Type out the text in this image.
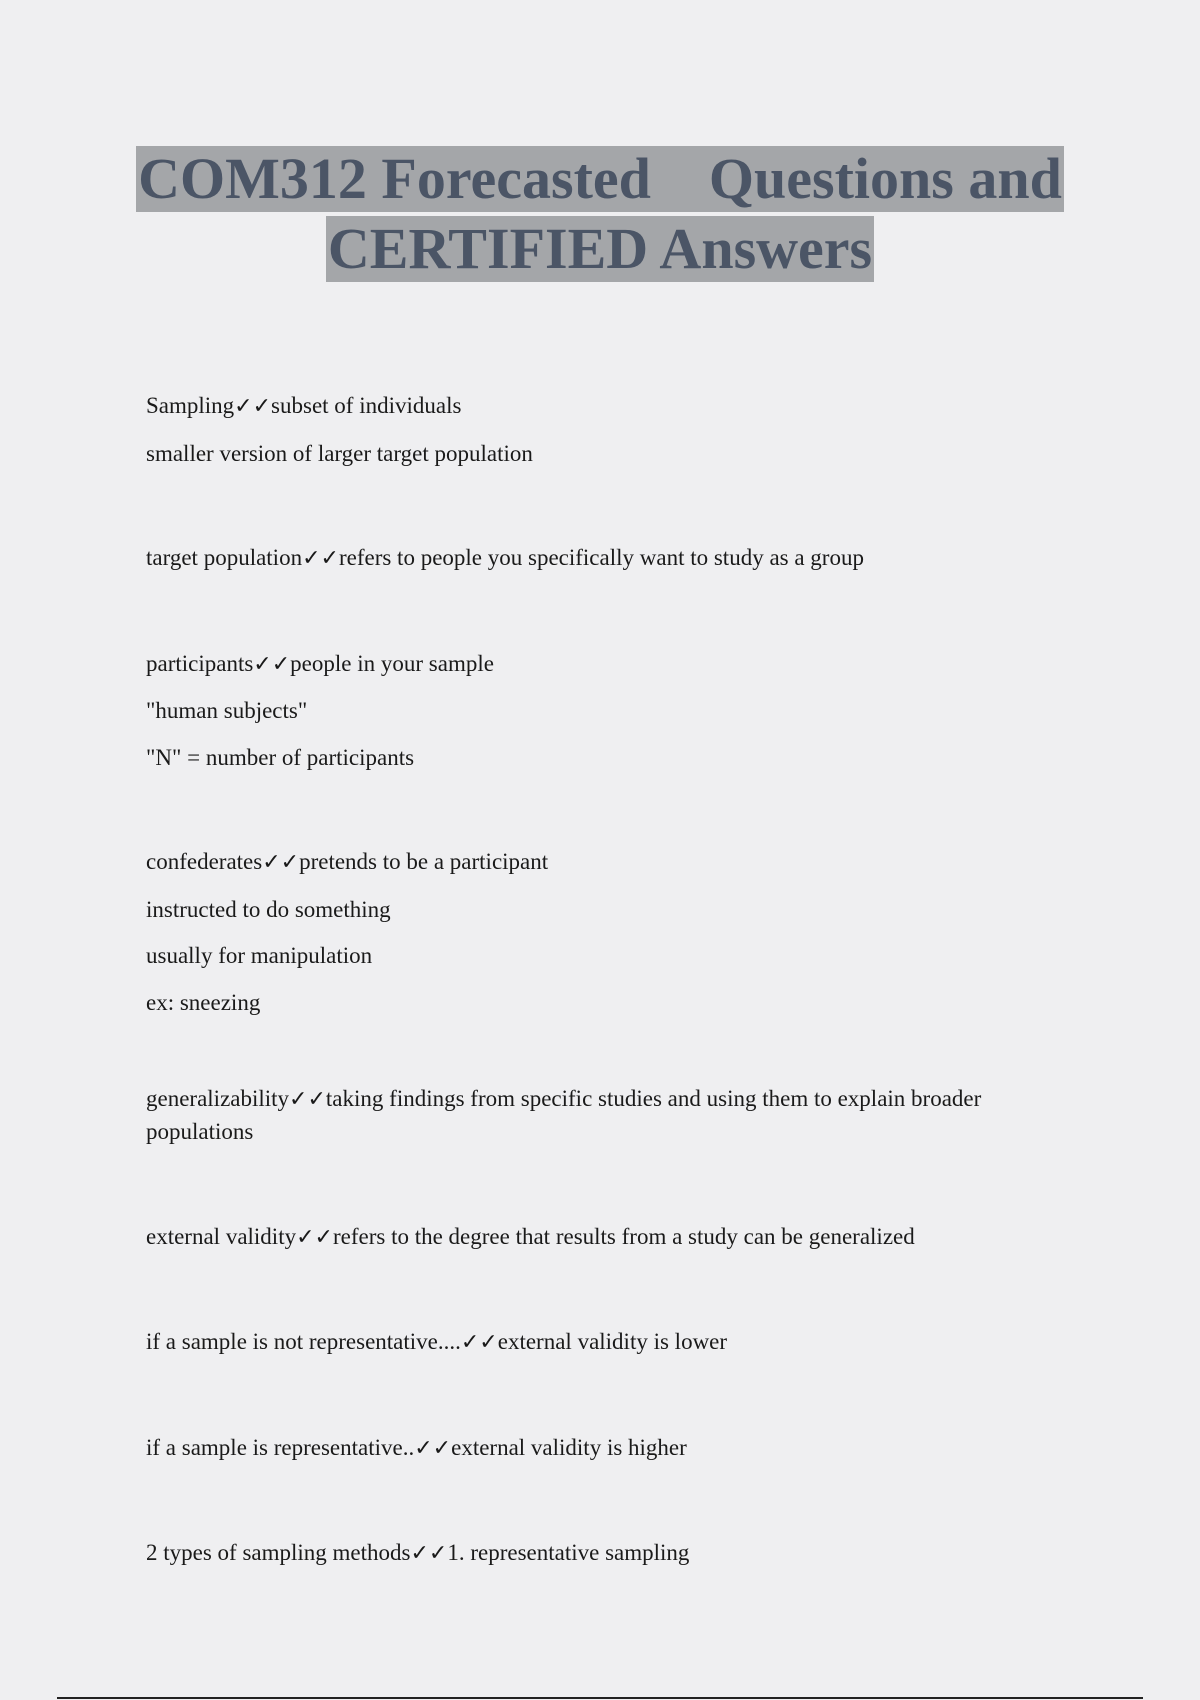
COM312 Forecasted    Questions and
CERTIFIED Answers
Sampling✓✓subset of individuals
smaller version of larger target population
target population✓✓refers to people you specifically want to study as a group
participants✓✓people in your sample
"human subjects"
"N" = number of participants
confederates✓✓pretends to be a participant
instructed to do something
usually for manipulation
ex: sneezing
generalizability✓✓taking findings from specific studies and using them to explain broader populations
external validity✓✓refers to the degree that results from a study can be generalized
if a sample is not representative....✓✓external validity is lower
if a sample is representative..✓✓external validity is higher
2 types of sampling methods✓✓1. representative sampling
